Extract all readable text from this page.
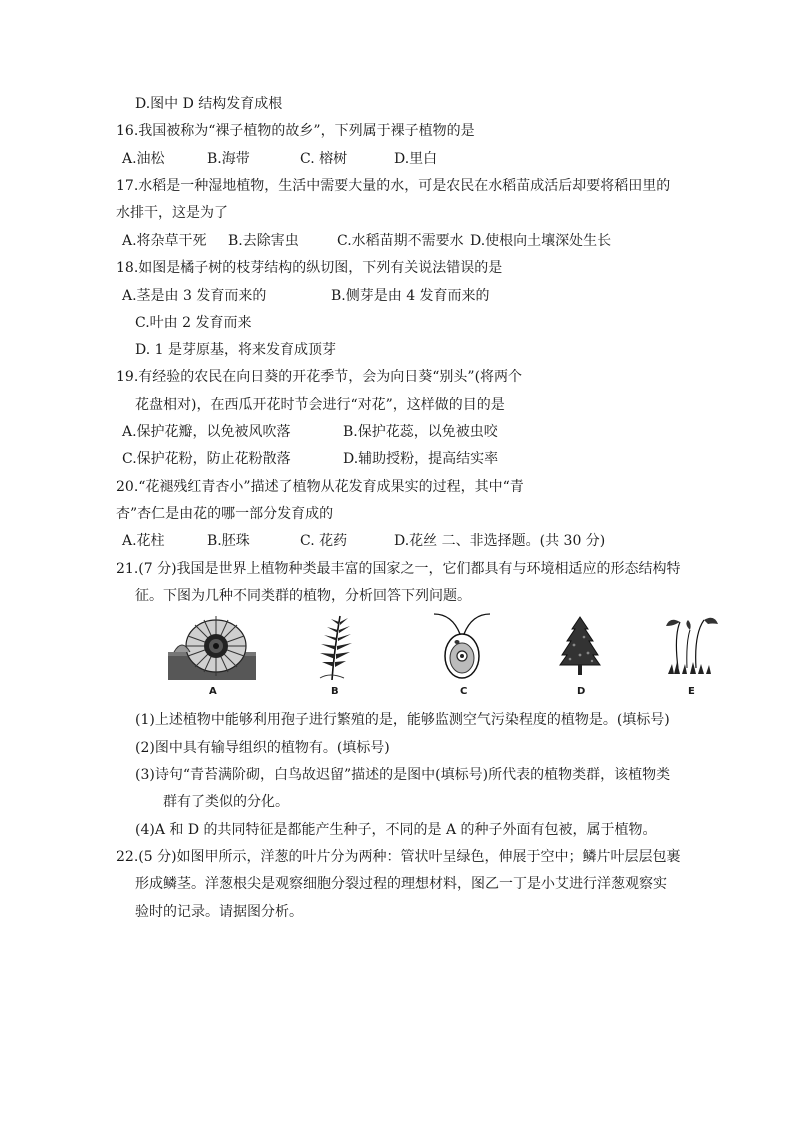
D.图中 D 结构发育成根
16.我国被称为“裸子植物的故乡”，下列属于裸子植物的是
A.油松	B.海带	C. 榕树	D.里白
17.水稻是一种湿地植物，生活中需要大量的水，可是农民在水稻苗成活后却要将稻田里的
水排干，这是为了
A.将杂草干死 B.去除害虫	C.水稻苗期不需要水 D.使根向土壤深处生长
18.如图是橘子树的枝芽结构的纵切图，下列有关说法错误的是
A.茎是由 3 发育而来的	B.侧芽是由 4 发育而来的
C.叶由 2 发育而来
D. 1 是芽原基，将来发育成顶芽
19.有经验的农民在向日葵的开花季节，会为向日葵“别头”(将两个
花盘相对)，在西瓜开花时节会进行“对花”，这样做的目的是
A.保护花瓣，以免被风吹落	B.保护花蕊，以免被虫咬
C.保护花粉，防止花粉散落	D.辅助授粉，提高结实率
20.“花褪残红青杏小”描述了植物从花发育成果实的过程，其中“青
杏”杏仁是由花的哪一部分发育成的
A.花柱	B.胚珠	C. 花药	D.花丝 二、非选择题。(共 30 分)
21.(7 分)我国是世界上植物种类最丰富的国家之一，它们都具有与环境相适应的形态结构特
征。下图为几种不同类群的植物，分析回答下列问题。
A	B	C	D	E
(1)上述植物中能够利用孢子进行繁殖的是，能够监测空气污染程度的植物是。(填标号)
(2)图中具有输导组织的植物有。(填标号)
(3)诗句“青苔满阶砌，白鸟故迟留”描述的是图中(填标号)所代表的植物类群，该植物类
群有了类似的分化。
(4)A 和 D 的共同特征是都能产生种子，不同的是 A 的种子外面有包被，属于植物。
22.(5 分)如图甲所示，洋葱的叶片分为两种：管状叶呈绿色，伸展于空中；鳞片叶层层包裹
形成鳞茎。洋葱根尖是观察细胞分裂过程的理想材料，图乙一丁是小艾进行洋葱观察实
验时的记录。请据图分析。
